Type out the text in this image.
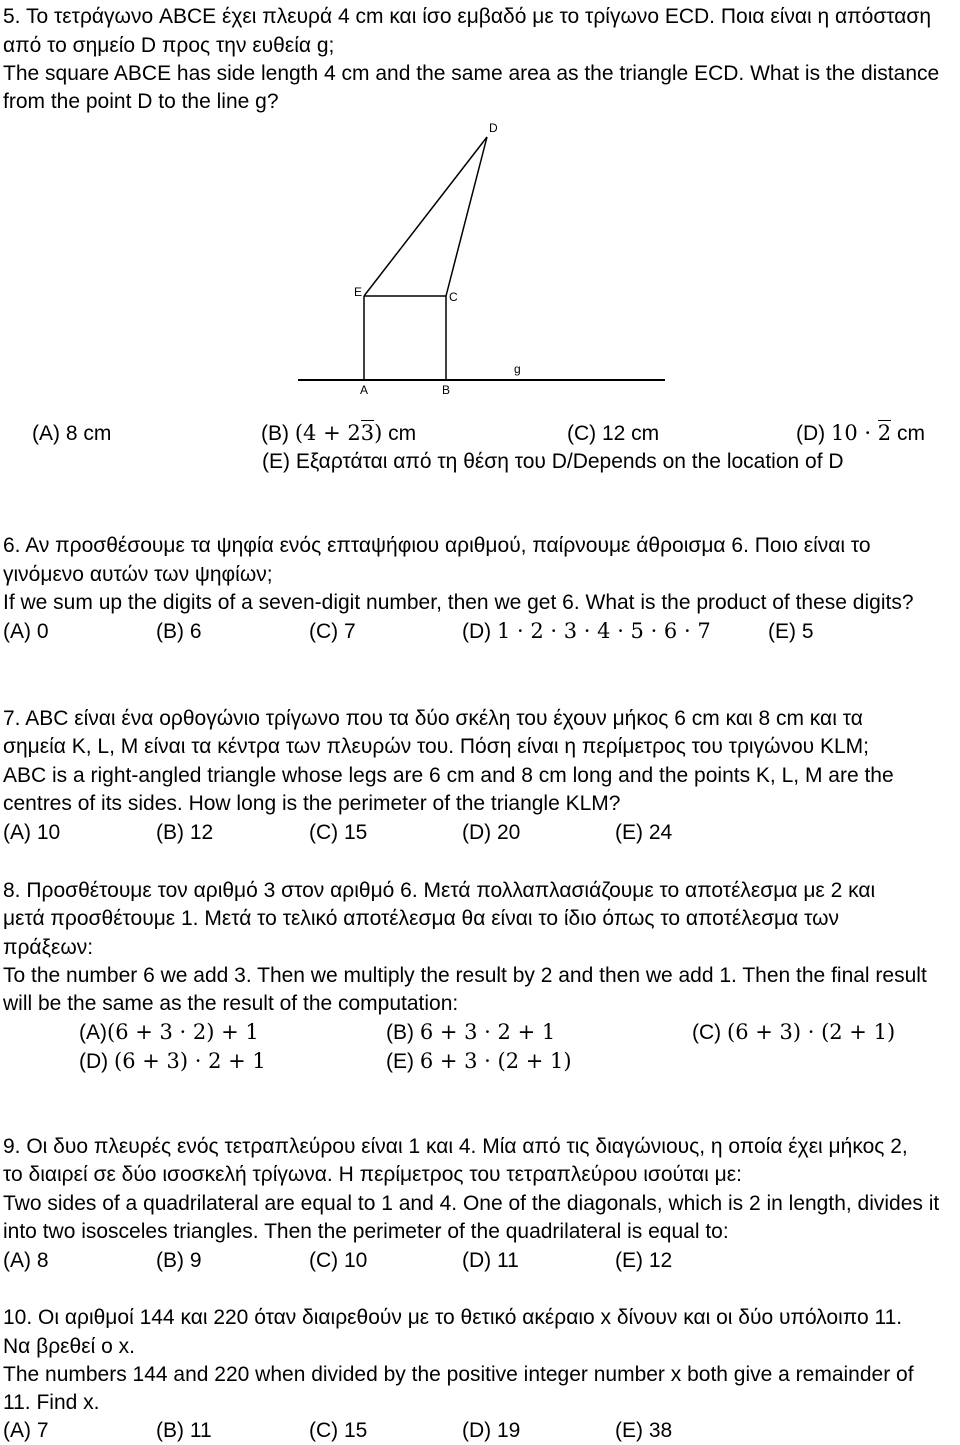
5. Το τετράγωνο ABCE έχει πλευρά 4 cm και ίσο εμβαδό με το τρίγωνο ECD. Ποια είναι η απόσταση
από το σημείο D προς την ευθεία g;
The square ABCE has side length 4 cm and the same area as the triangle ECD. What is the distance
from the point D to the line g?
D
E	C
g
A	B
(A) 8 cm	(B) (4 + 23) cm	(C) 12 cm	(D) 10 · 2 cm
(E) Εξαρτάται από τη θέση του D/Depends on the location of D
6. Αν προσθέσουμε τα ψηφία ενός επταψήφιου αριθμού, παίρνουμε άθροισμα 6. Ποιο είναι το
γινόμενο αυτών των ψηφίων;
If we sum up the digits of a seven-digit number, then we get 6. What is the product of these digits?
(A) 0	(B) 6	(C) 7	(D) 1 · 2 · 3 · 4 · 5 · 6 · 7	(E) 5
7. ABC είναι ένα ορθογώνιο τρίγωνο που τα δύο σκέλη του έχουν μήκος 6 cm και 8 cm και τα
σημεία K, L, M είναι τα κέντρα των πλευρών του. Πόση είναι η περίμετρος του τριγώνου KLM;
ABC is a right-angled triangle whose legs are 6 cm and 8 cm long and the points K, L, M are the
centres of its sides. How long is the perimeter of the triangle KLM?
(A) 10	(B) 12	(C) 15	(D) 20	(E) 24
8. Προσθέτουμε τον αριθμό 3 στον αριθμό 6. Μετά πολλαπλασιάζουμε το αποτέλεσμα με 2 και
μετά προσθέτουμε 1. Μετά το τελικό αποτέλεσμα θα είναι το ίδιο όπως το αποτέλεσμα των
πράξεων:
To the number 6 we add 3. Then we multiply the result by 2 and then we add 1. Then the final result
will be the same as the result of the computation:
(A)(6 + 3 · 2) + 1	(B) 6 + 3 · 2 + 1	(C) (6 + 3) · (2 + 1)
(D) (6 + 3) · 2 + 1	(E) 6 + 3 · (2 + 1)
9. Οι δυο πλευρές ενός τετραπλεύρου είναι 1 και 4. Μία από τις διαγώνιους, η οποία έχει μήκος 2,
το διαιρεί σε δύο ισοσκελή τρίγωνα. Η περίμετρος του τετραπλεύρου ισούται με:
Two sides of a quadrilateral are equal to 1 and 4. One of the diagonals, which is 2 in length, divides it
into two isosceles triangles. Then the perimeter of the quadrilateral is equal to:
(A) 8	(B) 9	(C) 10	(D) 11	(E) 12
10. Οι αριθμοί 144 και 220 όταν διαιρεθούν με το θετικό ακέραιο x δίνουν και οι δύο υπόλοιπο 11.
Να βρεθεί ο x.
The numbers 144 and 220 when divided by the positive integer number x both give a remainder of
11. Find x.
(A) 7	(B) 11	(C) 15	(D) 19	(E) 38
